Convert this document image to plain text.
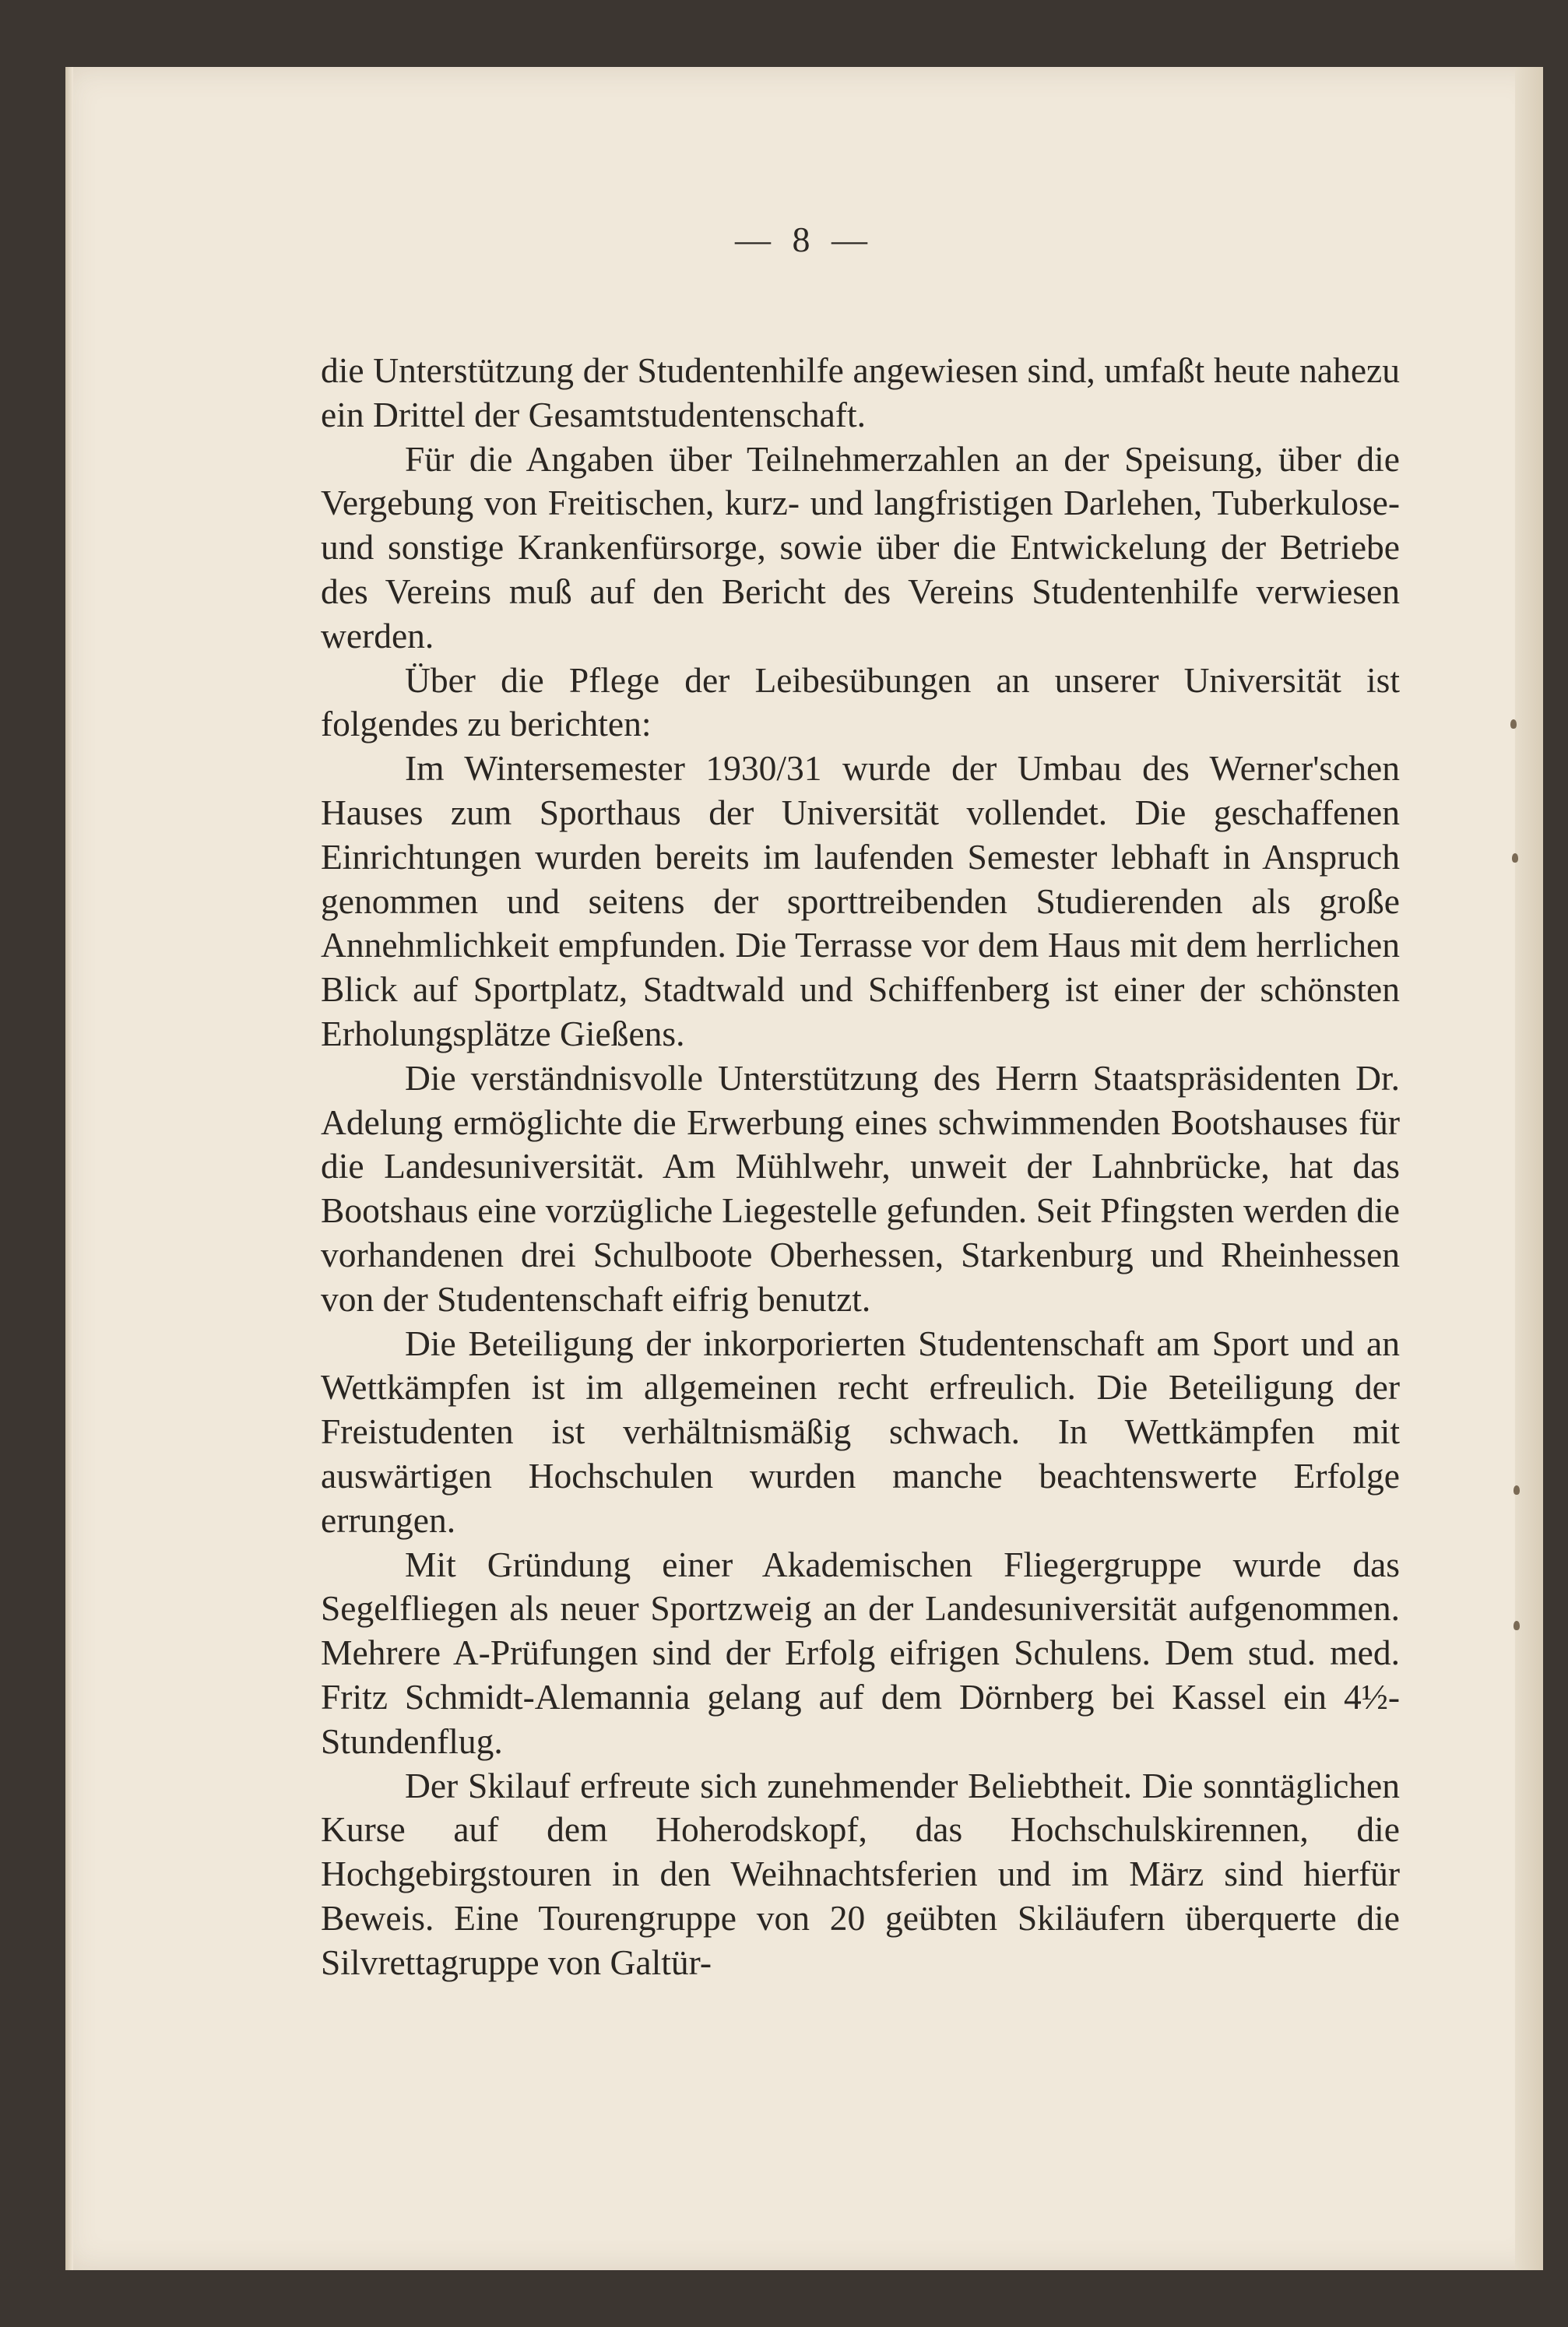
— 8 —

die Unterstützung der Studentenhilfe angewiesen sind, umfaßt heute nahezu ein Drittel der Gesamtstudentenschaft.

Für die Angaben über Teilnehmerzahlen an der Speisung, über die Vergebung von Freitischen, kurz- und langfristigen Darlehen, Tuberkulose- und sonstige Krankenfürsorge, sowie über die Entwickelung der Betriebe des Vereins muß auf den Bericht des Vereins Studentenhilfe verwiesen werden.

Über die Pflege der Leibesübungen an unserer Universität ist folgendes zu berichten:

Im Wintersemester 1930/31 wurde der Umbau des Werner'schen Hauses zum Sporthaus der Universität vollendet. Die geschaffenen Einrichtungen wurden bereits im laufenden Semester lebhaft in Anspruch genommen und seitens der sporttreibenden Studierenden als große Annehmlichkeit empfunden. Die Terrasse vor dem Haus mit dem herrlichen Blick auf Sportplatz, Stadtwald und Schiffenberg ist einer der schönsten Erholungsplätze Gießens.

Die verständnisvolle Unterstützung des Herrn Staatspräsidenten Dr. Adelung ermöglichte die Erwerbung eines schwimmenden Bootshauses für die Landesuniversität. Am Mühlwehr, unweit der Lahnbrücke, hat das Bootshaus eine vorzügliche Liegestelle gefunden. Seit Pfingsten werden die vorhandenen drei Schulboote Oberhessen, Starkenburg und Rheinhessen von der Studentenschaft eifrig benutzt.

Die Beteiligung der inkorporierten Studentenschaft am Sport und an Wettkämpfen ist im allgemeinen recht erfreulich. Die Beteiligung der Freistudenten ist verhältnismäßig schwach. In Wettkämpfen mit auswärtigen Hochschulen wurden manche beachtenswerte Erfolge errungen.

Mit Gründung einer Akademischen Fliegergruppe wurde das Segelfliegen als neuer Sportzweig an der Landesuniversität aufgenommen. Mehrere A-Prüfungen sind der Erfolg eifrigen Schulens. Dem stud. med. Fritz Schmidt-Alemannia gelang auf dem Dörnberg bei Kassel ein 4½-Stundenflug.

Der Skilauf erfreute sich zunehmender Beliebtheit. Die sonntäglichen Kurse auf dem Hoherodskopf, das Hochschulskirennen, die Hochgebirgstouren in den Weihnachtsferien und im März sind hierfür Beweis. Eine Tourengruppe von 20 geübten Skiläufern überquerte die Silvrettagruppe von Galtür-
